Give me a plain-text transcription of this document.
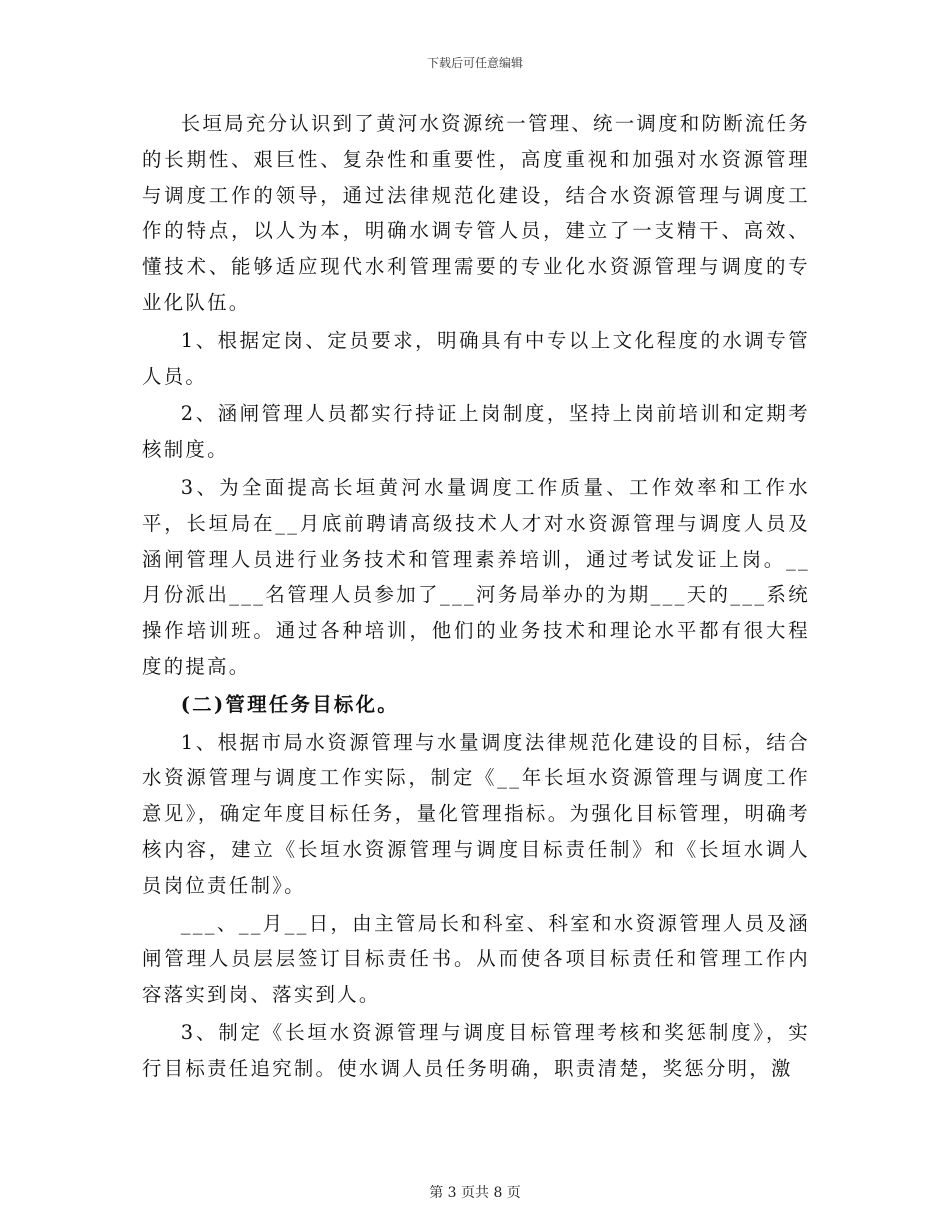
下载后可任意编辑

长垣局充分认识到了黄河水资源统一管理、统一调度和防断流任务的长期性、艰巨性、复杂性和重要性，高度重视和加强对水资源管理与调度工作的领导，通过法律规范化建设，结合水资源管理与调度工作的特点，以人为本，明确水调专管人员，建立了一支精干、高效、懂技术、能够适应现代水利管理需要的专业化水资源管理与调度的专业化队伍。

1、根据定岗、定员要求，明确具有中专以上文化程度的水调专管人员。

2、涵闸管理人员都实行持证上岗制度，坚持上岗前培训和定期考核制度。

3、为全面提高长垣黄河水量调度工作质量、工作效率和工作水平，长垣局在__月底前聘请高级技术人才对水资源管理与调度人员及涵闸管理人员进行业务技术和管理素养培训，通过考试发证上岗。__月份派出___名管理人员参加了___河务局举办的为期___天的___系统操作培训班。通过各种培训，他们的业务技术和理论水平都有很大程度的提高。

(二)管理任务目标化。

1、根据市局水资源管理与水量调度法律规范化建设的目标，结合水资源管理与调度工作实际，制定《__年长垣水资源管理与调度工作意见》，确定年度目标任务，量化管理指标。为强化目标管理，明确考核内容，建立《长垣水资源管理与调度目标责任制》和《长垣水调人员岗位责任制》。

___、__月__日，由主管局长和科室、科室和水资源管理人员及涵闸管理人员层层签订目标责任书。从而使各项目标责任和管理工作内容落实到岗、落实到人。

3、制定《长垣水资源管理与调度目标管理考核和奖惩制度》，实行目标责任追究制。使水调人员任务明确，职责清楚，奖惩分明，激

第 3 页共 8 页
